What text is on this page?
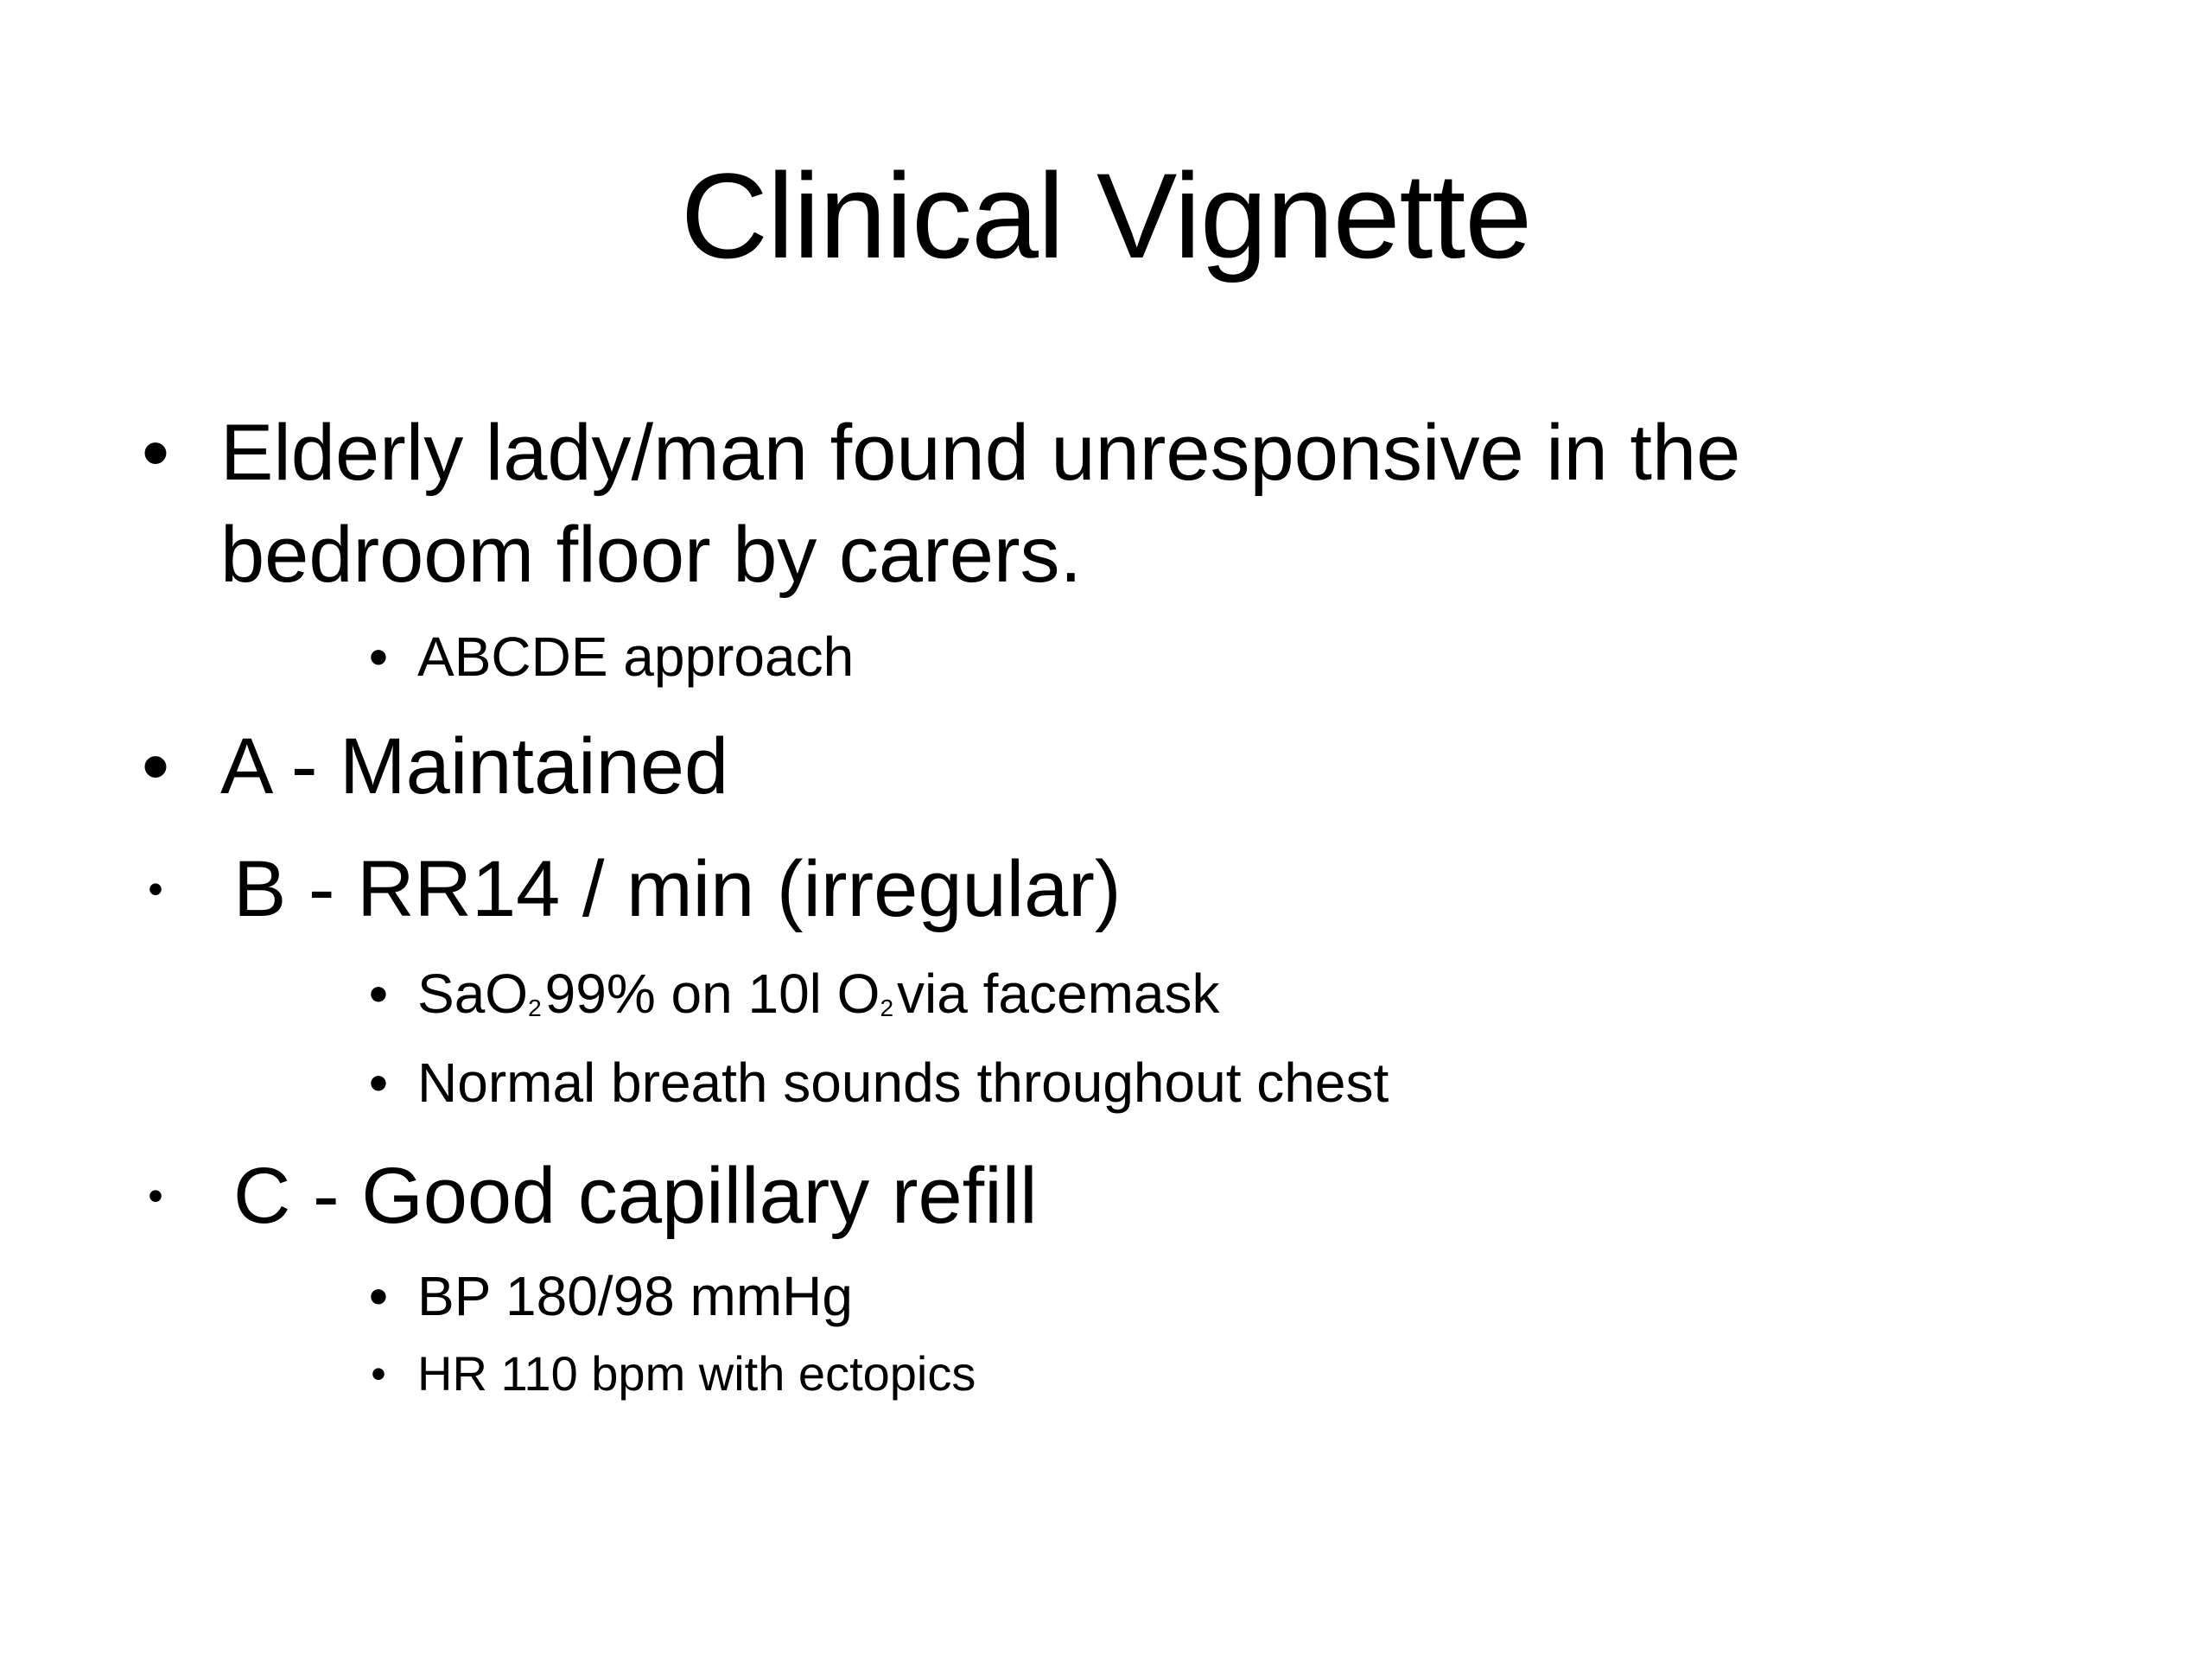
Clinical Vignette
• Elderly lady/man found unresponsive in the
bedroom floor by carers.
• ABCDE approach
• A - Maintained
• B - RR14 / min (irregular)
• SaO299% on 10l O2via facemask
• Normal breath sounds throughout chest
• C - Good capillary refill
• BP 180/98 mmHg
• HR 110 bpm with ectopics
